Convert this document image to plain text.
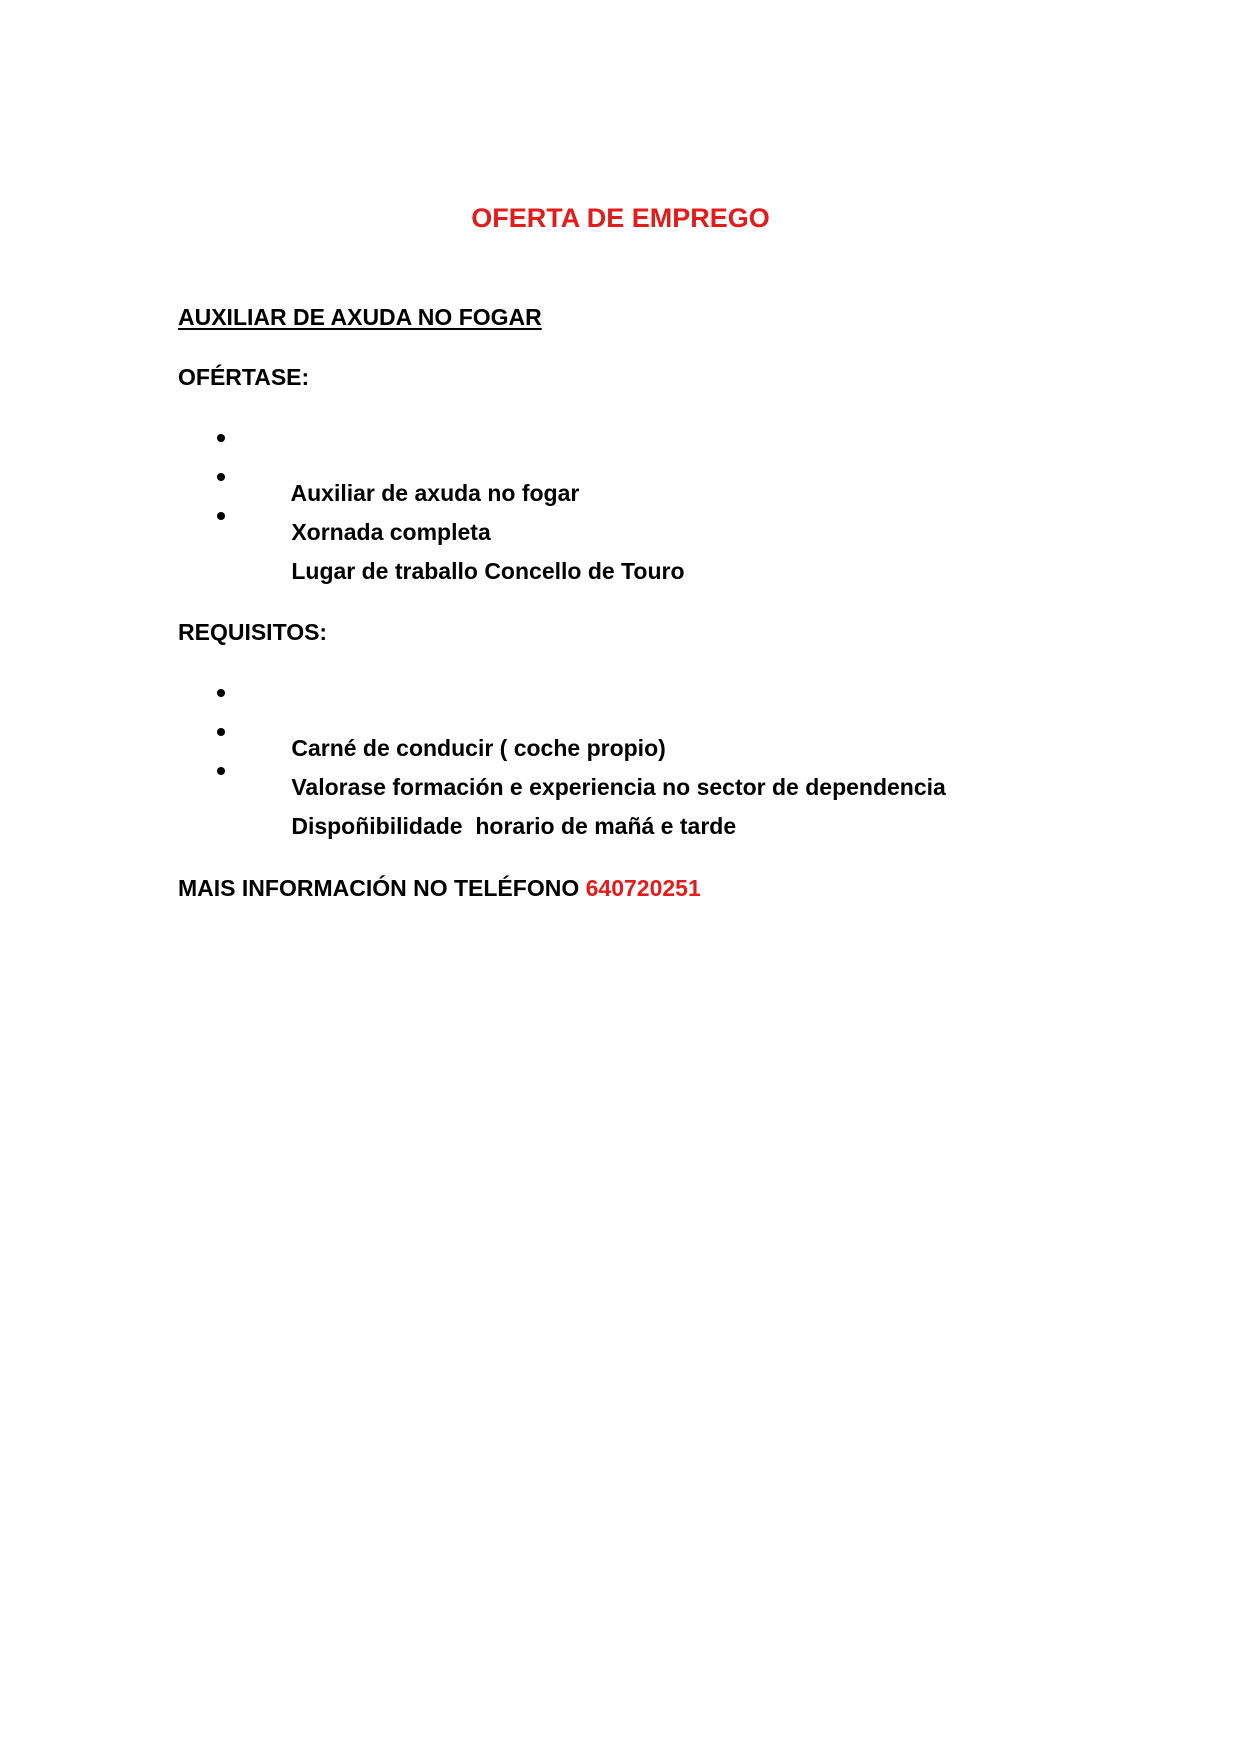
OFERTA DE EMPREGO
AUXILIAR DE AXUDA NO FOGAR
OFÉRTASE:

Auxiliar de axuda no fogar

Xornada completa

Lugar de traballo Concello de Touro

REQUISITOS:

Carné de conducir ( coche propio)

Valorase formación e experiencia no sector de dependencia

Dispoñibilidade  horario de mañá e tarde

MAIS INFORMACIÓN NO TELÉFONO 640720251
